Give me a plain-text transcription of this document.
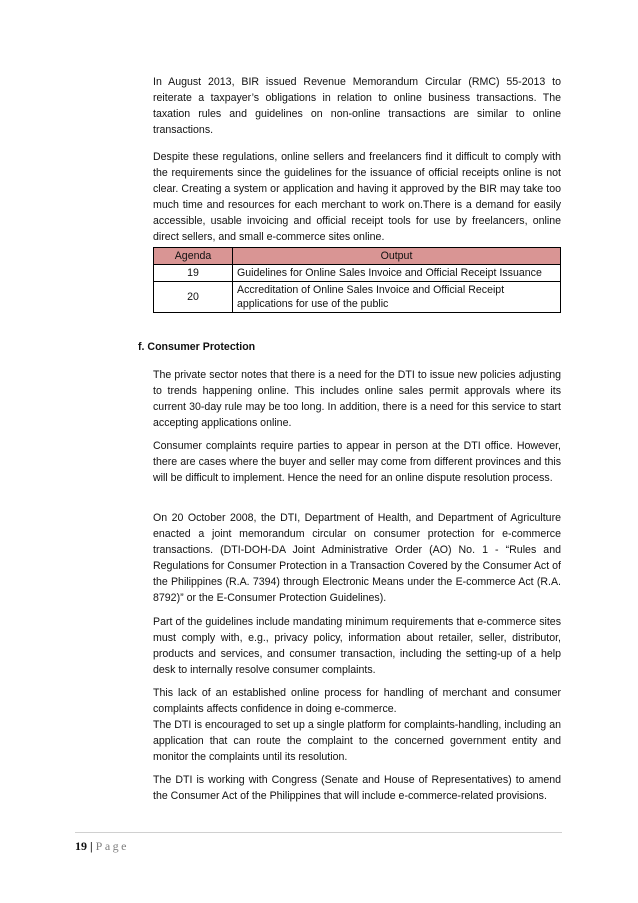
In August 2013, BIR issued Revenue Memorandum Circular (RMC) 55-2013 to reiterate a taxpayer’s obligations in relation to online business transactions. The taxation rules and guidelines on non-online transactions are similar to online transactions.

Despite these regulations, online sellers and freelancers find it difficult to comply with the requirements since the guidelines for the issuance of official receipts online is not clear. Creating a system or application and having it approved by the BIR may take too much time and resources for each merchant to work on.There is a demand for easily accessible, usable invoicing and official receipt tools for use by freelancers, online direct sellers, and small e-commerce sites online.

Agenda	Output
19	Guidelines for Online Sales Invoice and Official Receipt Issuance
20	Accreditation of Online Sales Invoice and Official Receipt applications for use of the public
f. Consumer Protection

The private sector notes that there is a need for the DTI to issue new policies adjusting to trends happening online. This includes online sales permit approvals where its current 30-day rule may be too long. In addition, there is a need for this service to start accepting applications online.

Consumer complaints require parties to appear in person at the DTI office. However, there are cases where the buyer and seller may come from different provinces and this will be difficult to implement. Hence the need for an online dispute resolution process.

On 20 October 2008, the DTI, Department of Health, and Department of Agriculture enacted a joint memorandum circular on consumer protection for e-commerce transactions. (DTI-DOH-DA Joint Administrative Order (AO) No. 1 - “Rules and Regulations for Consumer Protection in a Transaction Covered by the Consumer Act of the Philippines (R.A. 7394) through Electronic Means under the E-commerce Act (R.A. 8792)” or the E-Consumer Protection Guidelines).

Part of the guidelines include mandating minimum requirements that e-commerce sites must comply with, e.g., privacy policy, information about retailer, seller, distributor, products and services, and consumer transaction, including the setting-up of a help desk to internally resolve consumer complaints.

This lack of an established online process for handling of merchant and consumer complaints affects confidence in doing e-commerce.

The DTI is encouraged to set up a single platform for complaints-handling, including an application that can route the complaint to the concerned government entity and monitor the complaints until its resolution.

The DTI is working with Congress (Senate and House of Representatives) to amend the Consumer Act of the Philippines that will include e-commerce-related provisions.

19 | Page
